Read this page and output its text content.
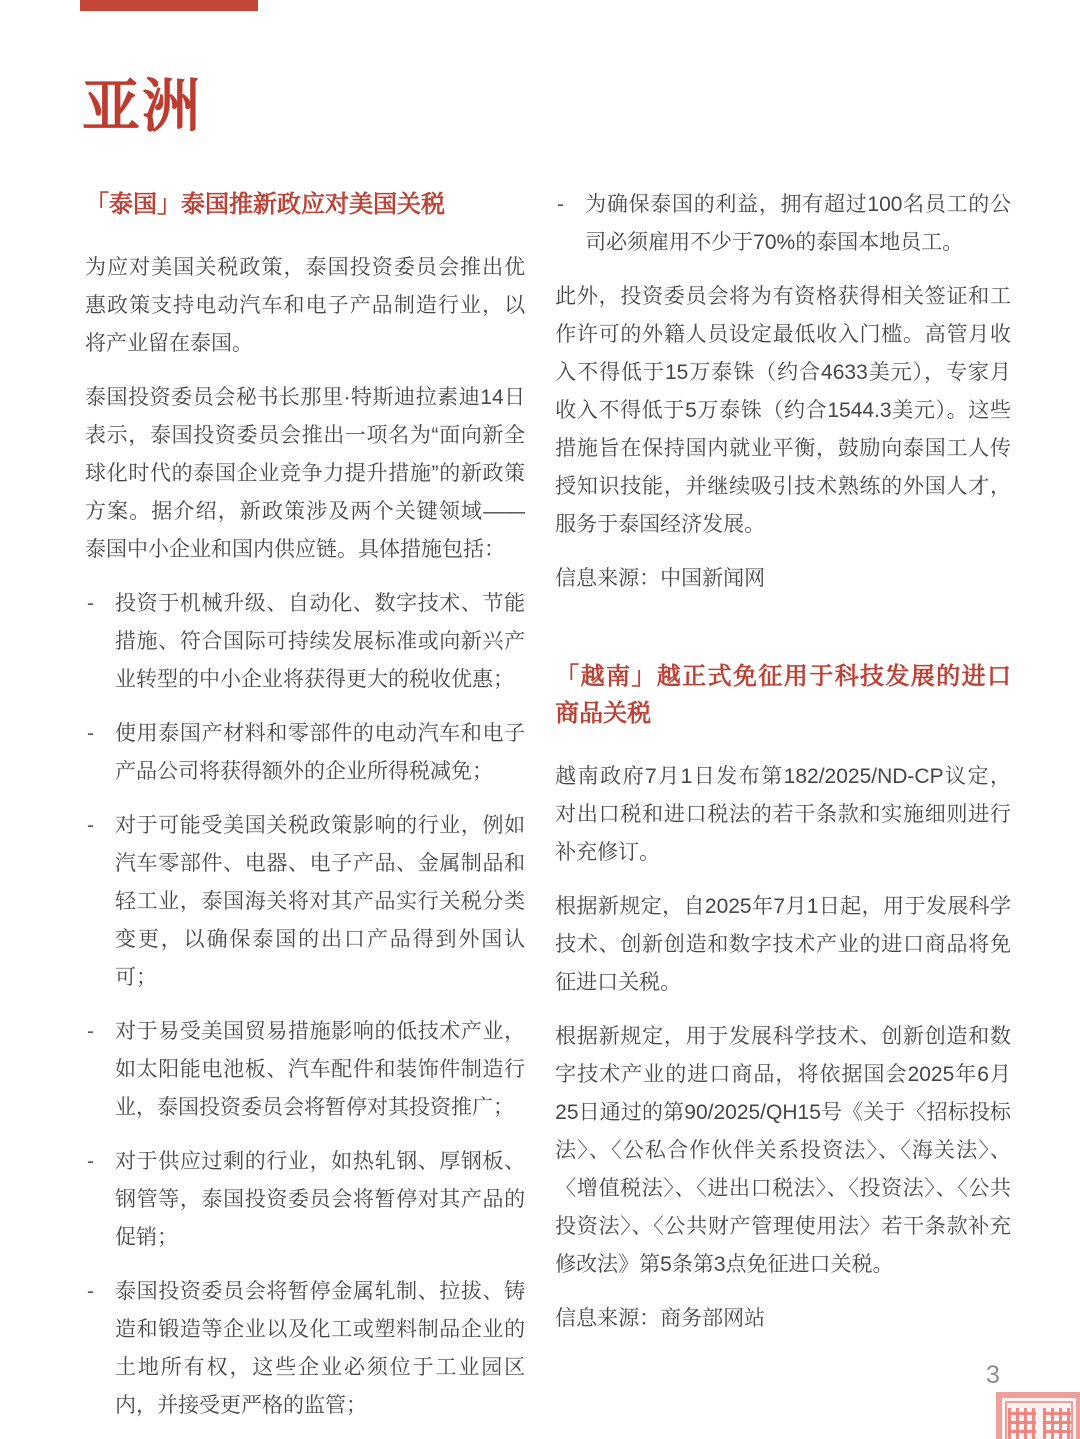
亚洲
「泰国」泰国推新政应对美国关税

为应对美国关税政策，泰国投资委员会推出优惠政策支持电动汽车和电子产品制造行业，以将产业留在泰国。

泰国投资委员会秘书长那里·特斯迪拉素迪14日表示，泰国投资委员会推出一项名为“面向新全球化时代的泰国企业竞争力提升措施”的新政策方案。据介绍，新政策涉及两个关键领域——泰国中小企业和国内供应链。具体措施包括：

- 投资于机械升级、自动化、数字技术、节能措施、符合国际可持续发展标准或向新兴产业转型的中小企业将获得更大的税收优惠；
- 使用泰国产材料和零部件的电动汽车和电子产品公司将获得额外的企业所得税减免；
- 对于可能受美国关税政策影响的行业，例如汽车零部件、电器、电子产品、金属制品和轻工业，泰国海关将对其产品实行关税分类变更，以确保泰国的出口产品得到外国认可；
- 对于易受美国贸易措施影响的低技术产业，如太阳能电池板、汽车配件和装饰件制造行业，泰国投资委员会将暂停对其投资推广；
- 对于供应过剩的行业，如热轧钢、厚钢板、钢管等，泰国投资委员会将暂停对其产品的促销；
- 泰国投资委员会将暂停金属轧制、拉拔、铸造和锻造等企业以及化工或塑料制品企业的土地所有权，这些企业必须位于工业园区内，并接受更严格的监管；
- 为确保泰国的利益，拥有超过100名员工的公司必须雇用不少于70%的泰国本地员工。

此外，投资委员会将为有资格获得相关签证和工作许可的外籍人员设定最低收入门槛。高管月收入不得低于15万泰铢（约合4633美元），专家月收入不得低于5万泰铢（约合1544.3美元）。这些措施旨在保持国内就业平衡，鼓励向泰国工人传授知识技能，并继续吸引技术熟练的外国人才，服务于泰国经济发展。

信息来源：中国新闻网

「越南」越正式免征用于科技发展的进口商品关税

越南政府7月1日发布第182/2025/ND-CP议定，对出口税和进口税法的若干条款和实施细则进行补充修订。

根据新规定，自2025年7月1日起，用于发展科学技术、创新创造和数字技术产业的进口商品将免征进口关税。

根据新规定，用于发展科学技术、创新创造和数字技术产业的进口商品，将依据国会2025年6月25日通过的第90/2025/QH15号《关于〈招标投标法〉、〈公私合作伙伴关系投资法〉、〈海关法〉、〈增值税法〉、〈进出口税法〉、〈投资法〉、〈公共投资法〉、〈公共财产管理使用法〉若干条款补充修改法》第5条第3点免征进口关税。

信息来源：商务部网站

3
